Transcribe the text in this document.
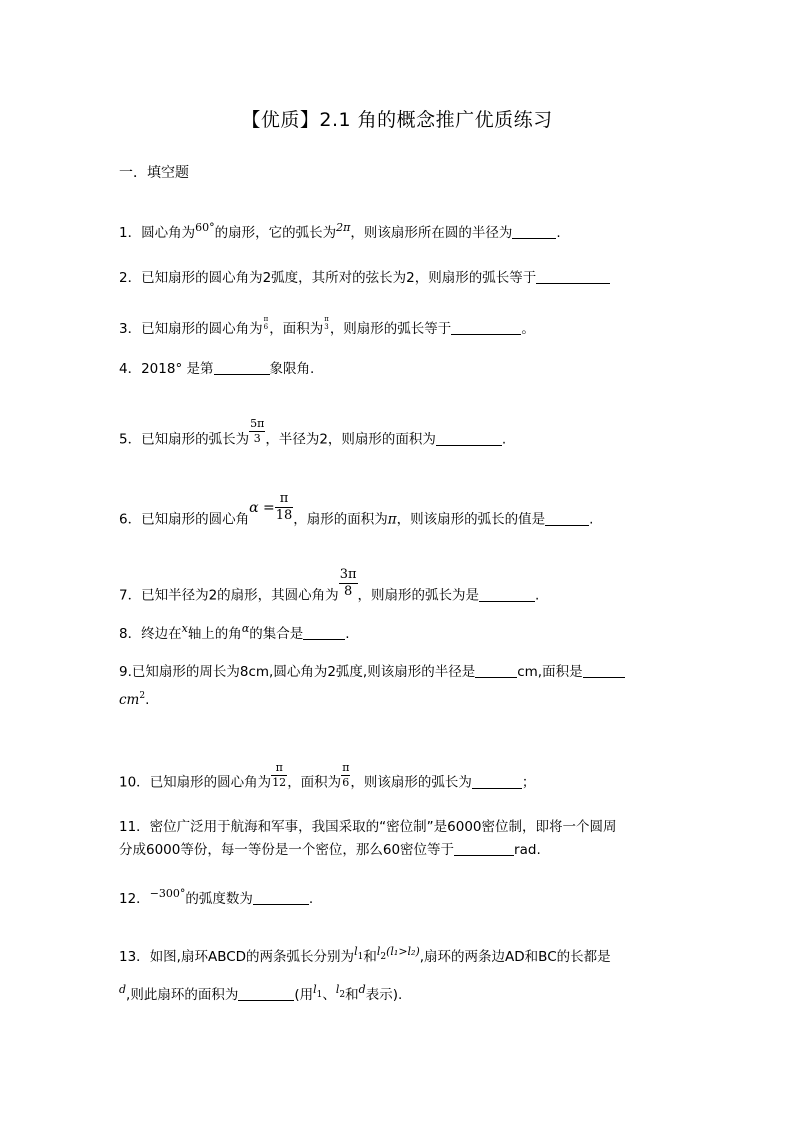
【优质】2.1 角的概念推广优质练习
一．填空题
1．圆心角为$^{60^\circ}$的扇形，它的弧长为$^{2\pi}$，则该扇形所在圆的半径为	.
2．已知扇形的圆心角为2弧度，其所对的弦长为2，则扇形的弧长等于
3．已知扇形的圆心角为
π
6 ，面积为
π
3 ，则扇形的弧长等于	。
4．2018° 是第	象限角.
5．已知扇形的弧长为 $\frac{5\pi}{3}$ ，半径为2，则扇形的面积为	.
6．已知扇形的圆心角$\alpha = \frac{\pi}{18}$ ，扇形的面积为π，则该扇形的弧长的值是	.
7．已知半径为2的扇形，其圆心角为 $\frac{3\pi}{8}$ ，则扇形的弧长为是	.
8．终边在$^x$轴上的角$^\alpha$的集合是	.
9.已知扇形的周长为8cm,圆心角为2弧度,则该扇形的半径是	cm,面积是
$cm^2$.
10．已知扇形的圆心角为 $\frac{\pi}{12}$ ，面积为 $\frac{\pi}{6}$ ，则该扇形的弧长为	；
11．密位广泛用于航海和军事，我国采取的“密位制”是6000密位制，即将一个圆周
分成6000等份，每一等份是一个密位，那么60密位等于	rad.
12．$^{-300^\circ}$的弧度数为	.
13．如图,扇环ABCD的两条弧长分别为$^l$1和$^l2^{(l_1>l_2)}$,扇环的两条边AD和BC的长都是
$^d$,则此扇环的面积为	(用$^l$1、$^l$2和$^d$表示).
